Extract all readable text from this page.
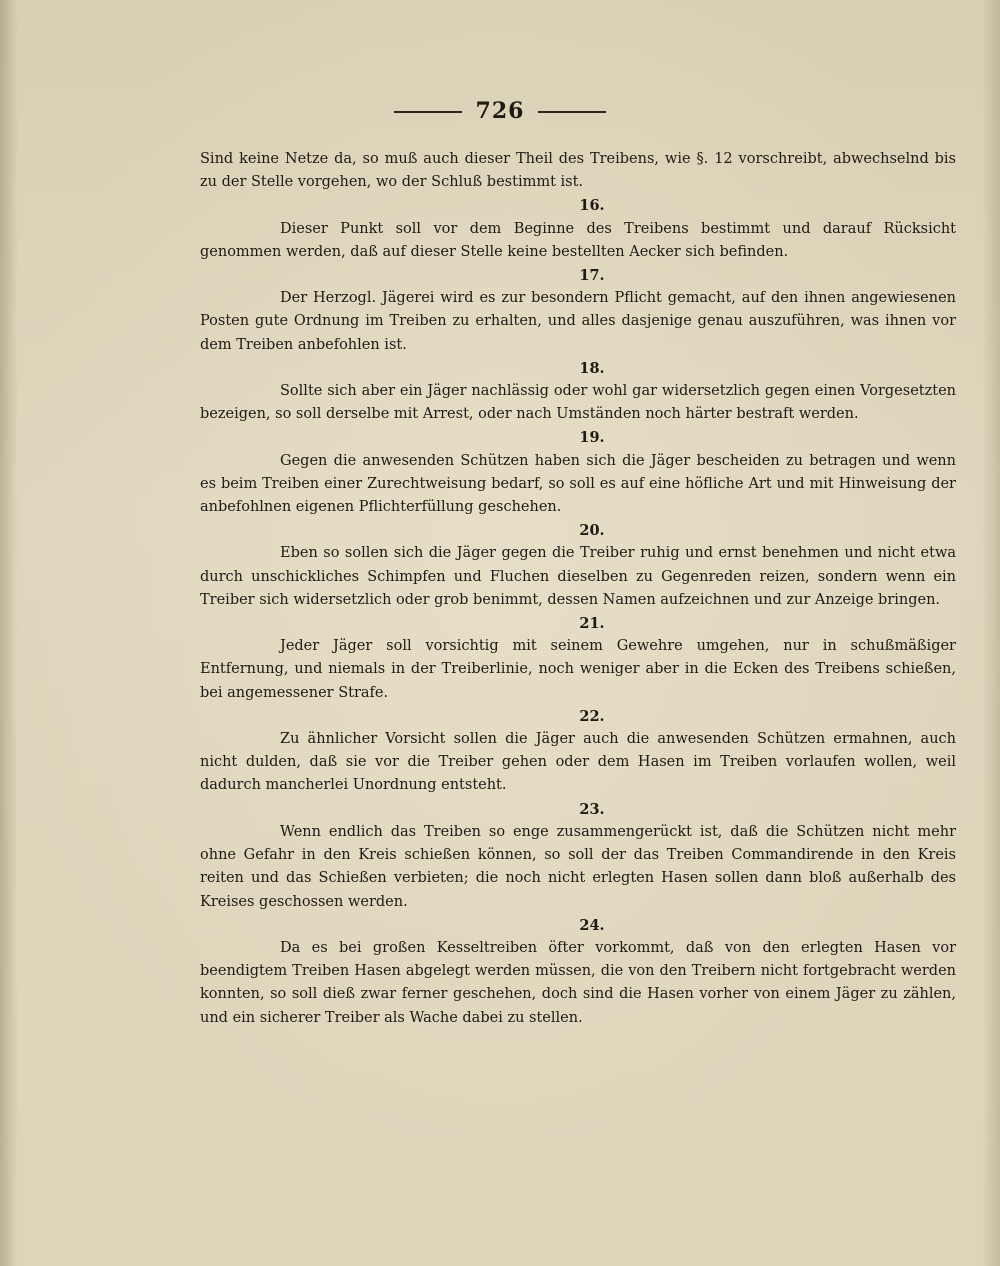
726

Sind keine Netze da, so muß auch dieser Theil des Treibens, wie §. 12 vorschreibt, abwechselnd bis zu der Stelle vorgehen, wo der Schluß bestimmt ist.

16.

Dieser Punkt soll vor dem Beginne des Treibens bestimmt und darauf Rücksicht genommen werden, daß auf dieser Stelle keine bestellten Aecker sich befinden.

17.

Der Herzogl. Jägerei wird es zur besondern Pflicht gemacht, auf den ihnen angewiesenen Posten gute Ordnung im Treiben zu erhalten, und alles dasjenige genau auszuführen, was ihnen vor dem Treiben anbefohlen ist.

18.

Sollte sich aber ein Jäger nachlässig oder wohl gar widersetzlich gegen einen Vorgesetzten bezeigen, so soll derselbe mit Arrest, oder nach Umständen noch härter bestraft werden.

19.

Gegen die anwesenden Schützen haben sich die Jäger bescheiden zu betragen und wenn es beim Treiben einer Zurechtweisung bedarf, so soll es auf eine höfliche Art und mit Hinweisung der anbefohlnen eigenen Pflichterfüllung geschehen.

20.

Eben so sollen sich die Jäger gegen die Treiber ruhig und ernst benehmen und nicht etwa durch unschickliches Schimpfen und Fluchen dieselben zu Gegenreden reizen, sondern wenn ein Treiber sich widersetzlich oder grob benimmt, dessen Namen aufzeichnen und zur Anzeige bringen.

21.

Jeder Jäger soll vorsichtig mit seinem Gewehre umgehen, nur in schußmäßiger Entfernung, und niemals in der Treiberlinie, noch weniger aber in die Ecken des Treibens schießen, bei angemessener Strafe.

22.

Zu ähnlicher Vorsicht sollen die Jäger auch die anwesenden Schützen ermahnen, auch nicht dulden, daß sie vor die Treiber gehen oder dem Hasen im Treiben vorlaufen wollen, weil dadurch mancherlei Unordnung entsteht.

23.

Wenn endlich das Treiben so enge zusammengerückt ist, daß die Schützen nicht mehr ohne Gefahr in den Kreis schießen können, so soll der das Treiben Commandirende in den Kreis reiten und das Schießen verbieten; die noch nicht erlegten Hasen sollen dann bloß außerhalb des Kreises geschossen werden.

24.

Da es bei großen Kesseltreiben öfter vorkommt, daß von den erlegten Hasen vor beendigtem Treiben Hasen abgelegt werden müssen, die von den Treibern nicht fortgebracht werden konnten, so soll dieß zwar ferner geschehen, doch sind die Hasen vorher von einem Jäger zu zählen, und ein sicherer Treiber als Wache dabei zu stellen.
